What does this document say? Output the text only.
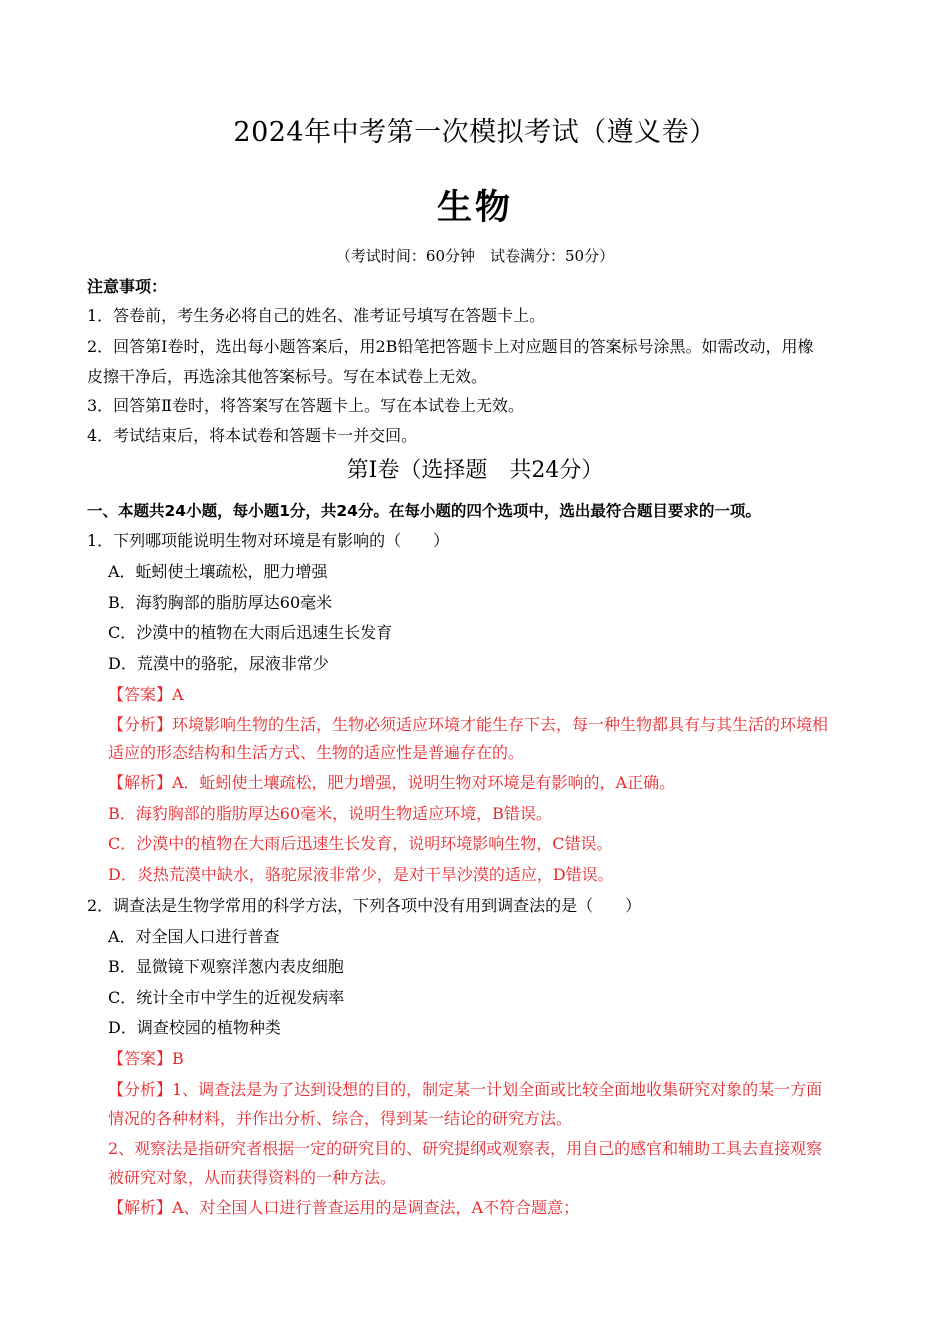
2024年中考第一次模拟考试（遵义卷）
生物
（考试时间：60分钟　试卷满分：50分）
注意事项：
1．答卷前，考生务必将自己的姓名、准考证号填写在答题卡上。
2．回答第Ⅰ卷时，选出每小题答案后，用2B铅笔把答题卡上对应题目的答案标号涂黑。如需改动，用橡
皮擦干净后，再选涂其他答案标号。写在本试卷上无效。
3．回答第Ⅱ卷时，将答案写在答题卡上。写在本试卷上无效。
4．考试结束后，将本试卷和答题卡一并交回。
第Ⅰ卷（选择题　共24分）
一、本题共24小题，每小题1分，共24分。在每小题的四个选项中，选出最符合题目要求的一项。
1．下列哪项能说明生物对环境是有影响的（　　）
A．蚯蚓使土壤疏松，肥力增强
B．海豹胸部的脂肪厚达60毫米
C．沙漠中的植物在大雨后迅速生长发育
D．荒漠中的骆驼，尿液非常少
【答案】A
【分析】环境影响生物的生活，生物必须适应环境才能生存下去，每一种生物都具有与其生活的环境相
适应的形态结构和生活方式、生物的适应性是普遍存在的。
【解析】A．蚯蚓使土壤疏松，肥力增强，说明生物对环境是有影响的，A正确。
B．海豹胸部的脂肪厚达60毫米，说明生物适应环境，B错误。
C．沙漠中的植物在大雨后迅速生长发育，说明环境影响生物，C错误。
D．炎热荒漠中缺水，骆驼尿液非常少，是对干旱沙漠的适应，D错误。
2．调查法是生物学常用的科学方法，下列各项中没有用到调查法的是（　　）
A．对全国人口进行普查
B．显微镜下观察洋葱内表皮细胞
C．统计全市中学生的近视发病率
D．调查校园的植物种类
【答案】B
【分析】1、调查法是为了达到设想的目的，制定某一计划全面或比较全面地收集研究对象的某一方面
情况的各种材料，并作出分析、综合，得到某一结论的研究方法。
2、观察法是指研究者根据一定的研究目的、研究提纲或观察表，用自己的感官和辅助工具去直接观察
被研究对象，从而获得资料的一种方法。
【解析】A、对全国人口进行普查运用的是调查法，A不符合题意；
